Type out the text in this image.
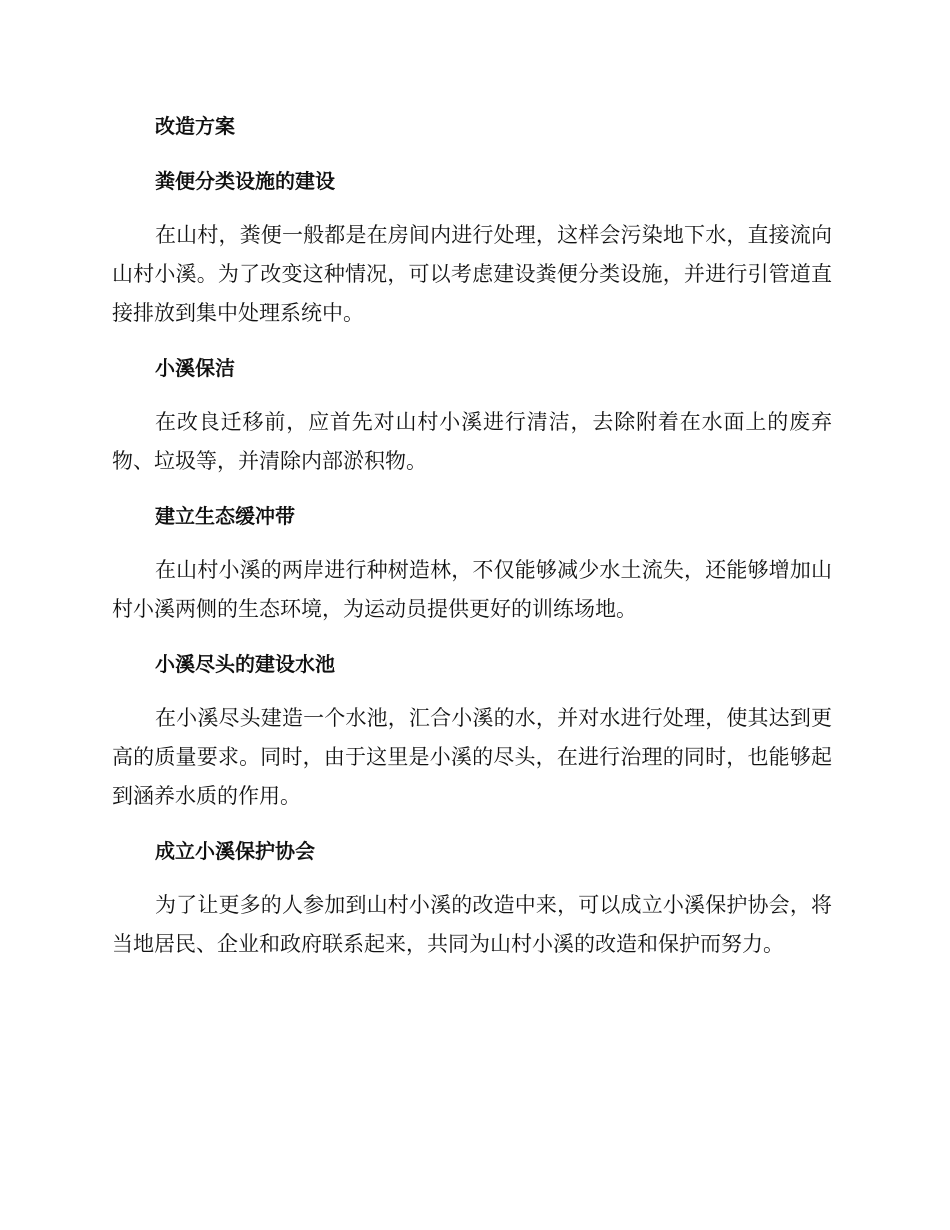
改造方案
粪便分类设施的建设

在山村，粪便一般都是在房间内进行处理，这样会污染地下水，直接流向山村小溪。为了改变这种情况，可以考虑建设粪便分类设施，并进行引管道直接排放到集中处理系统中。

小溪保洁

在改良迁移前，应首先对山村小溪进行清洁，去除附着在水面上的废弃物、垃圾等，并清除内部淤积物。

建立生态缓冲带

在山村小溪的两岸进行种树造林，不仅能够减少水土流失，还能够增加山村小溪两侧的生态环境，为运动员提供更好的训练场地。

小溪尽头的建设水池

在小溪尽头建造一个水池，汇合小溪的水，并对水进行处理，使其达到更高的质量要求。同时，由于这里是小溪的尽头，在进行治理的同时，也能够起到涵养水质的作用。

成立小溪保护协会

为了让更多的人参加到山村小溪的改造中来，可以成立小溪保护协会，将当地居民、企业和政府联系起来，共同为山村小溪的改造和保护而努力。
